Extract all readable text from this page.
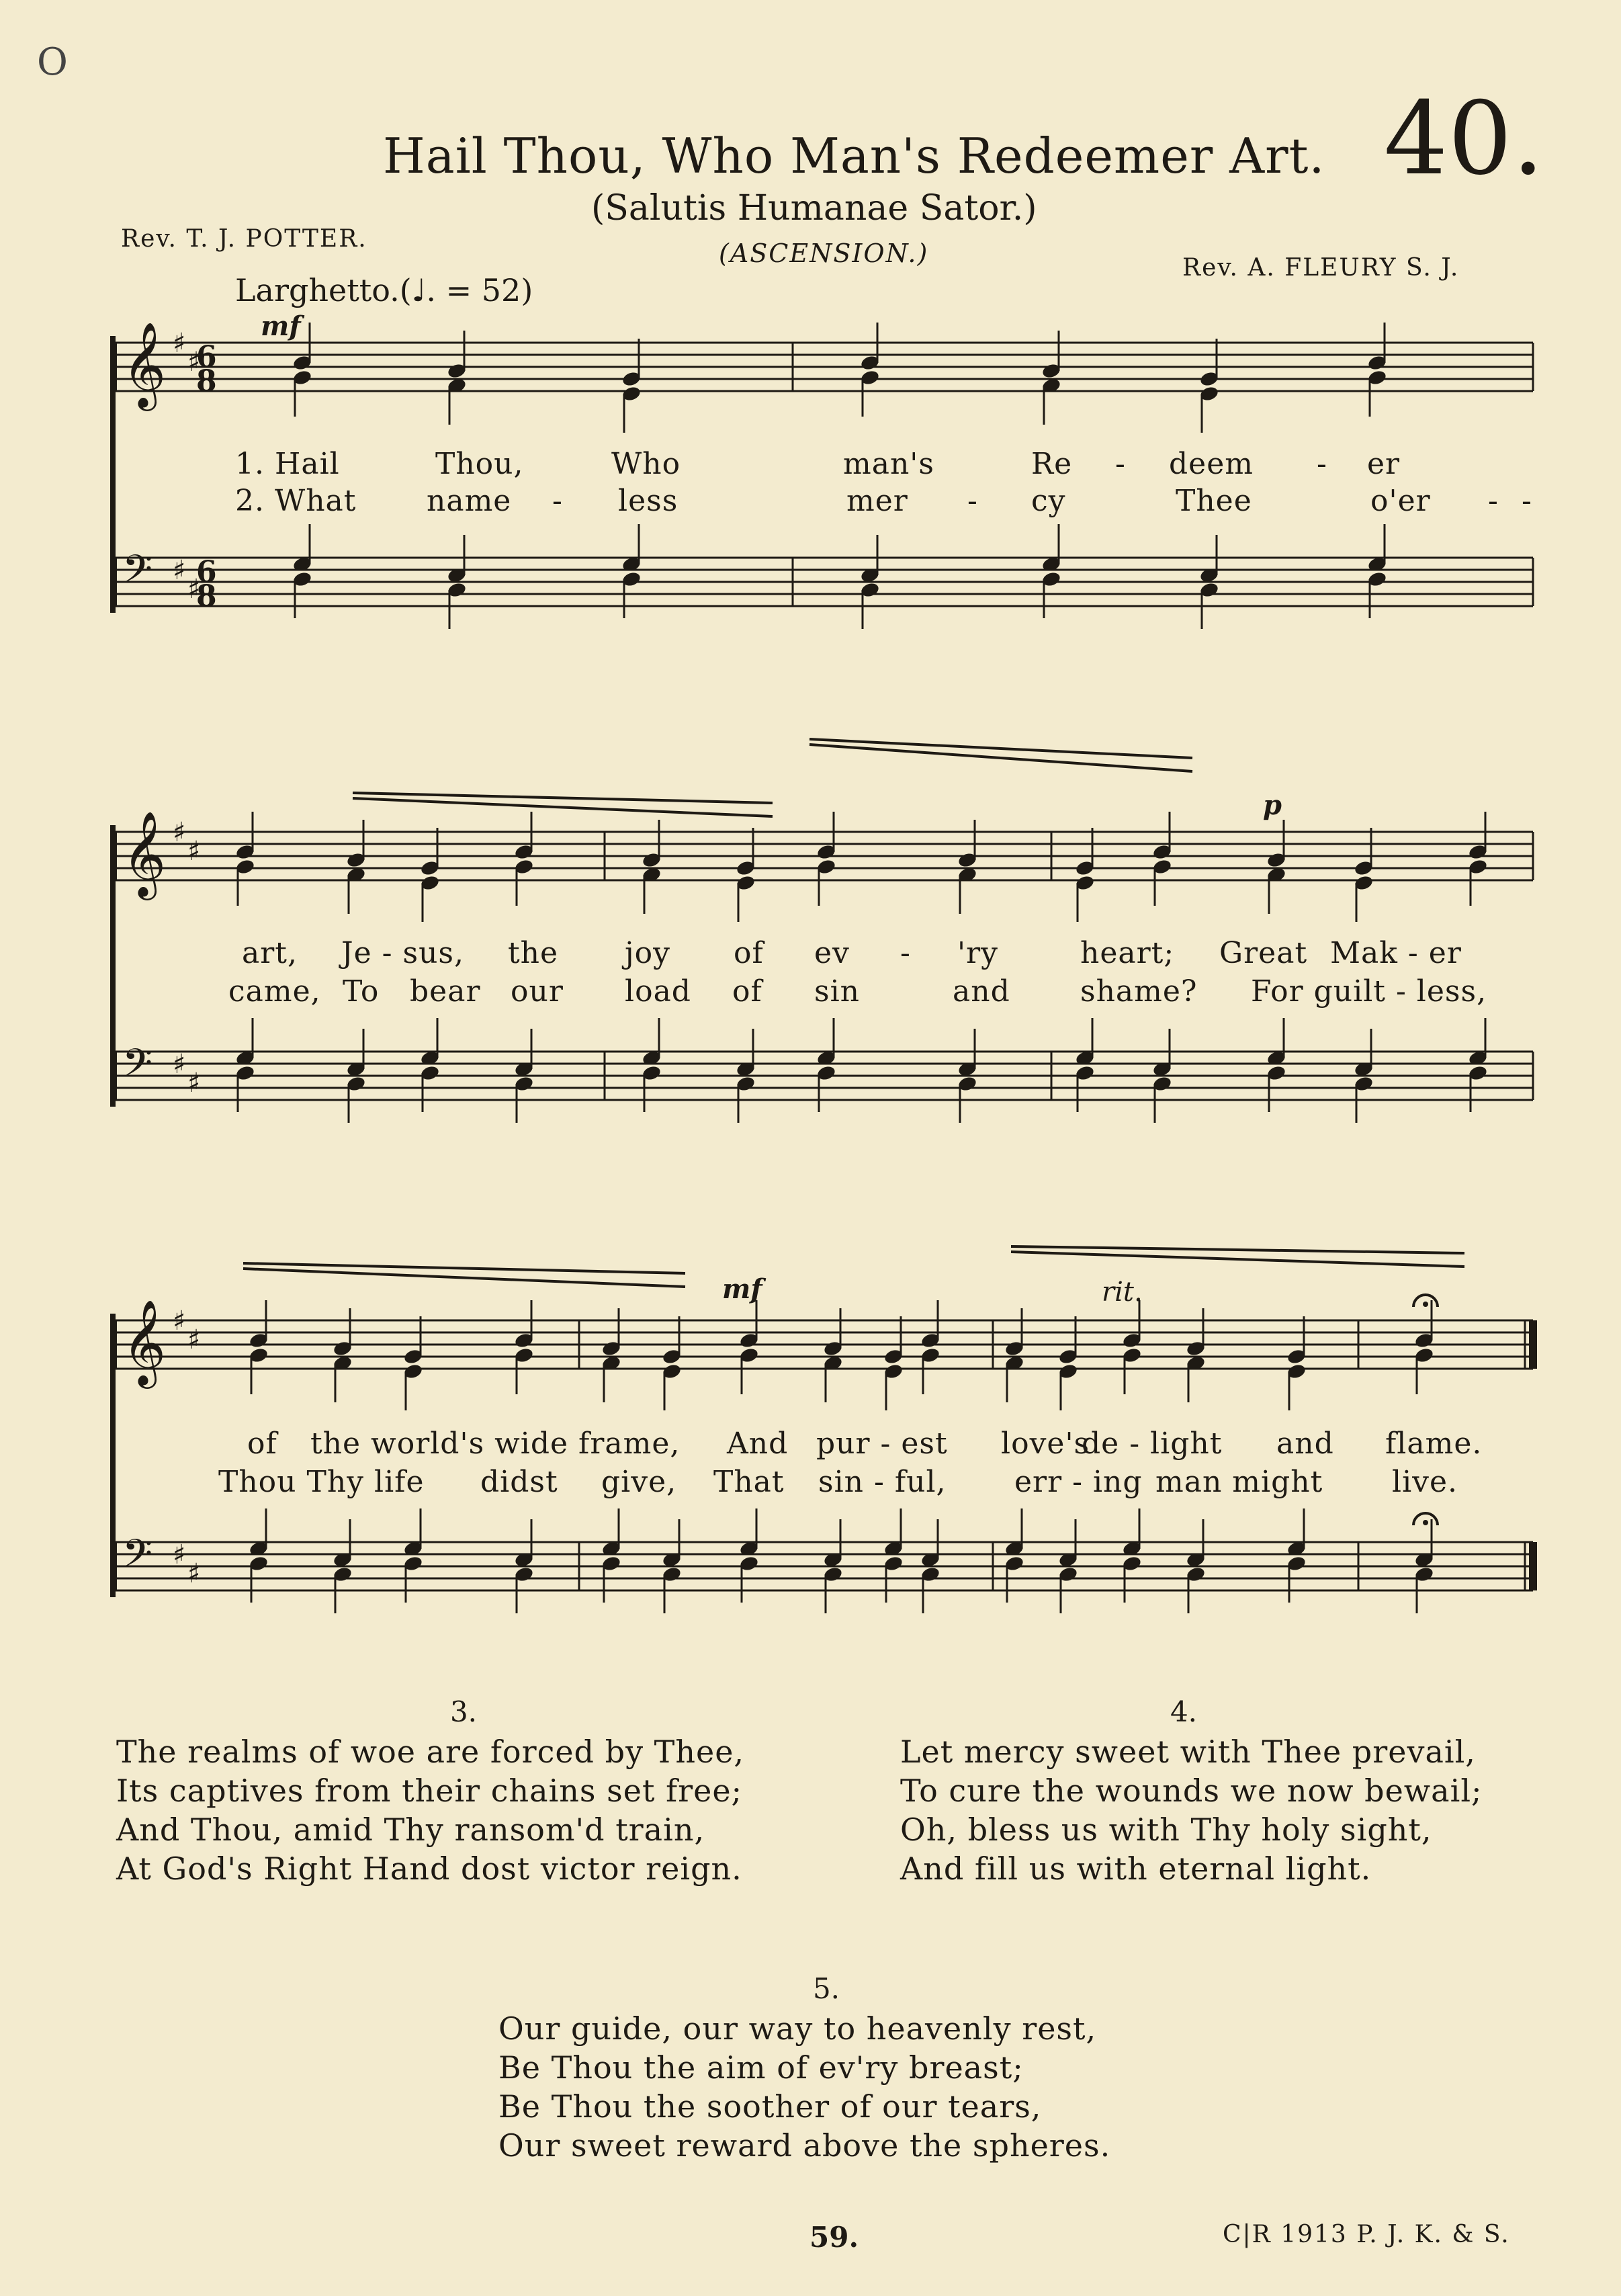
O
Hail Thou, Who Man's Redeemer Art. 40.
(Salutis Humanae Sator.)
(ASCENSION.)
Rev. T. J. POTTER.
Rev. A. FLEURY S. J.
Larghetto.(♩. = 52)
𝄞 ♯
♯
𝄢 ♯
♯
𝄞 ♯
♯
𝄢 ♯
♯
𝄞 ♯
♯
𝄢 ♯
♯
6
8
6
8
mf
p
mf	rit.
1. Hail	Thou,	Who	man's	Re - deem - er
2. What name - less	mer - cy	Thee	o'er - -
art, Je - sus, the joy of ev - 'ry	heart; Great Mak - er
came, To bear our load of sin	and shame? For guilt - less,
of the world's wide frame, And pur - est love's
de - light and flame.
Thou Thy life didst give, That sin - ful, err - ing man might live.
3.
The realms of woe are forced by Thee,
Its captives from their chains set free;
And Thou, amid Thy ransom'd train,
At God's Right Hand dost victor reign.
4.
Let mercy sweet with Thee prevail,
To cure the wounds we now bewail;
Oh, bless us with Thy holy sight,
And fill us with eternal light.
5.
Our guide, our way to heavenly rest,
Be Thou the aim of ev'ry breast;
Be Thou the soother of our tears,
Our sweet reward above the spheres.
59.	C|R 1913 P. J. K. & S.
